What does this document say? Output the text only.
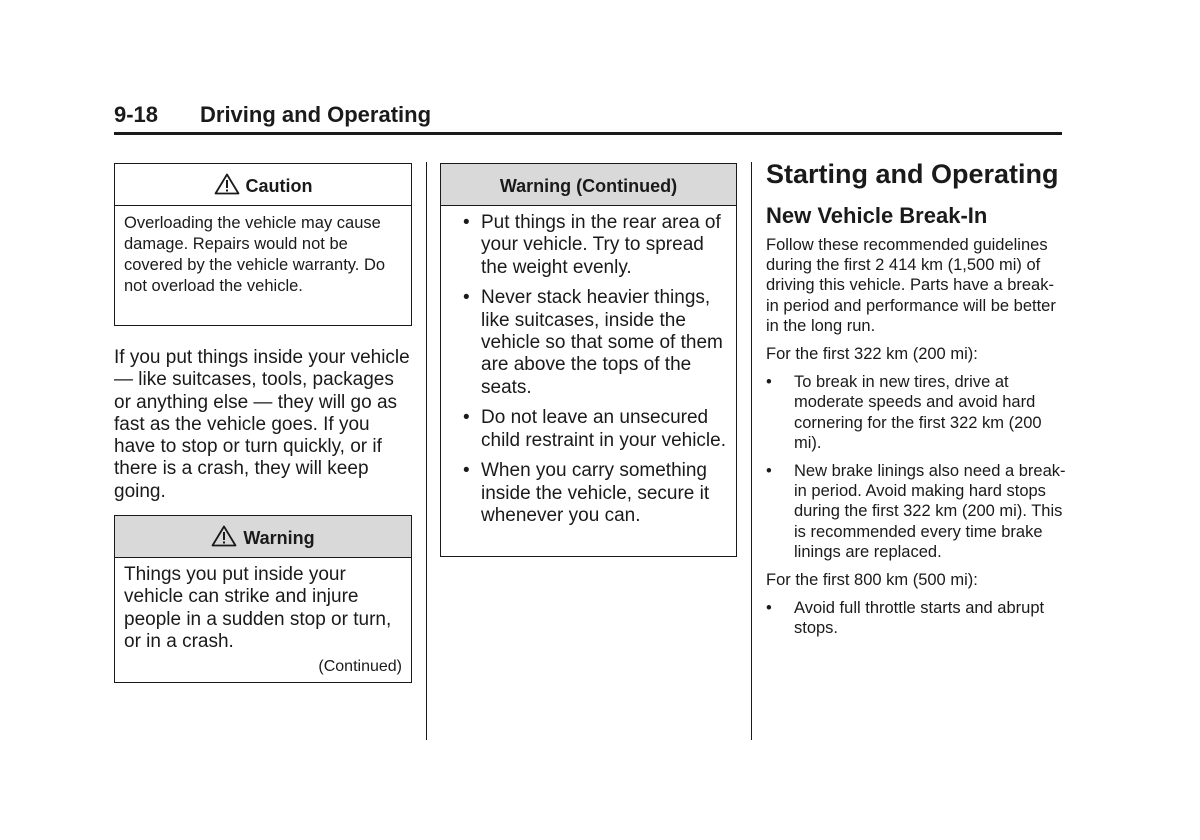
9-18 Driving and Operating
Caution
Overloading the vehicle may cause damage. Repairs would not be covered by the vehicle warranty. Do not overload the vehicle.
If you put things inside your vehicle — like suitcases, tools, packages or anything else — they will go as fast as the vehicle goes. If you have to stop or turn quickly, or if there is a crash, they will keep going.
Warning
Things you put inside your vehicle can strike and injure people in a sudden stop or turn, or in a crash.
(Continued)
Warning (Continued)
• Put things in the rear area of your vehicle. Try to spread the weight evenly.
• Never stack heavier things, like suitcases, inside the vehicle so that some of them are above the tops of the seats.
• Do not leave an unsecured child restraint in your vehicle.
• When you carry something inside the vehicle, secure it whenever you can.
Starting and Operating
New Vehicle Break-In
Follow these recommended guidelines during the first 2 414 km (1,500 mi) of driving this vehicle. Parts have a break-in period and performance will be better in the long run.
For the first 322 km (200 mi):
• To break in new tires, drive at moderate speeds and avoid hard cornering for the first 322 km (200 mi).
• New brake linings also need a break- in period. Avoid making hard stops during the first 322 km (200 mi). This is recommended every time brake linings are replaced.
For the first 800 km (500 mi):
• Avoid full throttle starts and abrupt stops.
